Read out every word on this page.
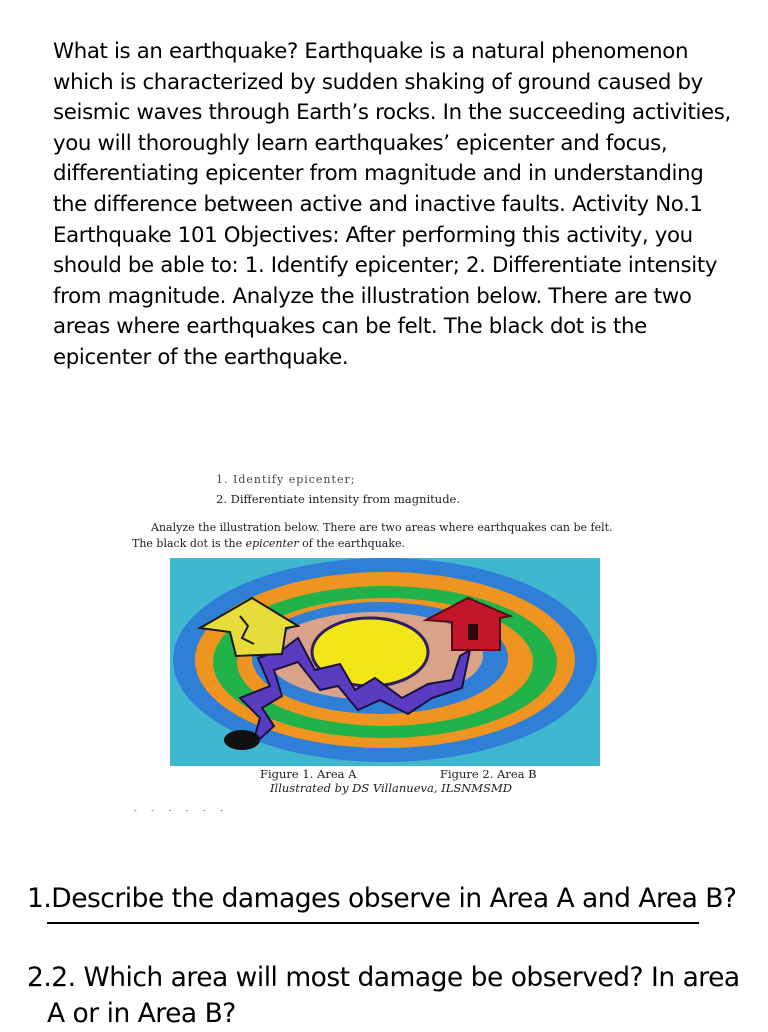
What is an earthquake? Earthquake is a natural phenomenon which is characterized by sudden shaking of ground caused by seismic waves through Earth’s rocks. In the succeeding activities, you will thoroughly learn earthquakes’ epicenter and focus, differentiating epicenter from magnitude and in understanding the difference between active and inactive faults. Activity No.1 Earthquake 101 Objectives: After performing this activity, you should be able to: 1. Identify epicenter; 2. Differentiate intensity from magnitude. Analyze the illustration below. There are two areas where earthquakes can be felt. The black dot is the epicenter of the earthquake.

1. Identify epicenter;
2. Differentiate intensity from magnitude.
Analyze the illustration below. There are two areas where earthquakes can be felt.
The black dot is the epicenter of the earthquake.
Figure 1. Area A	Figure 2. Area B
Illustrated by DS Villanueva, ILSNMSMD
- - - - - -

1.Describe the damages observe in Area A and Area B?

2.2. Which area will most damage be observed? In area
A or in Area B?
